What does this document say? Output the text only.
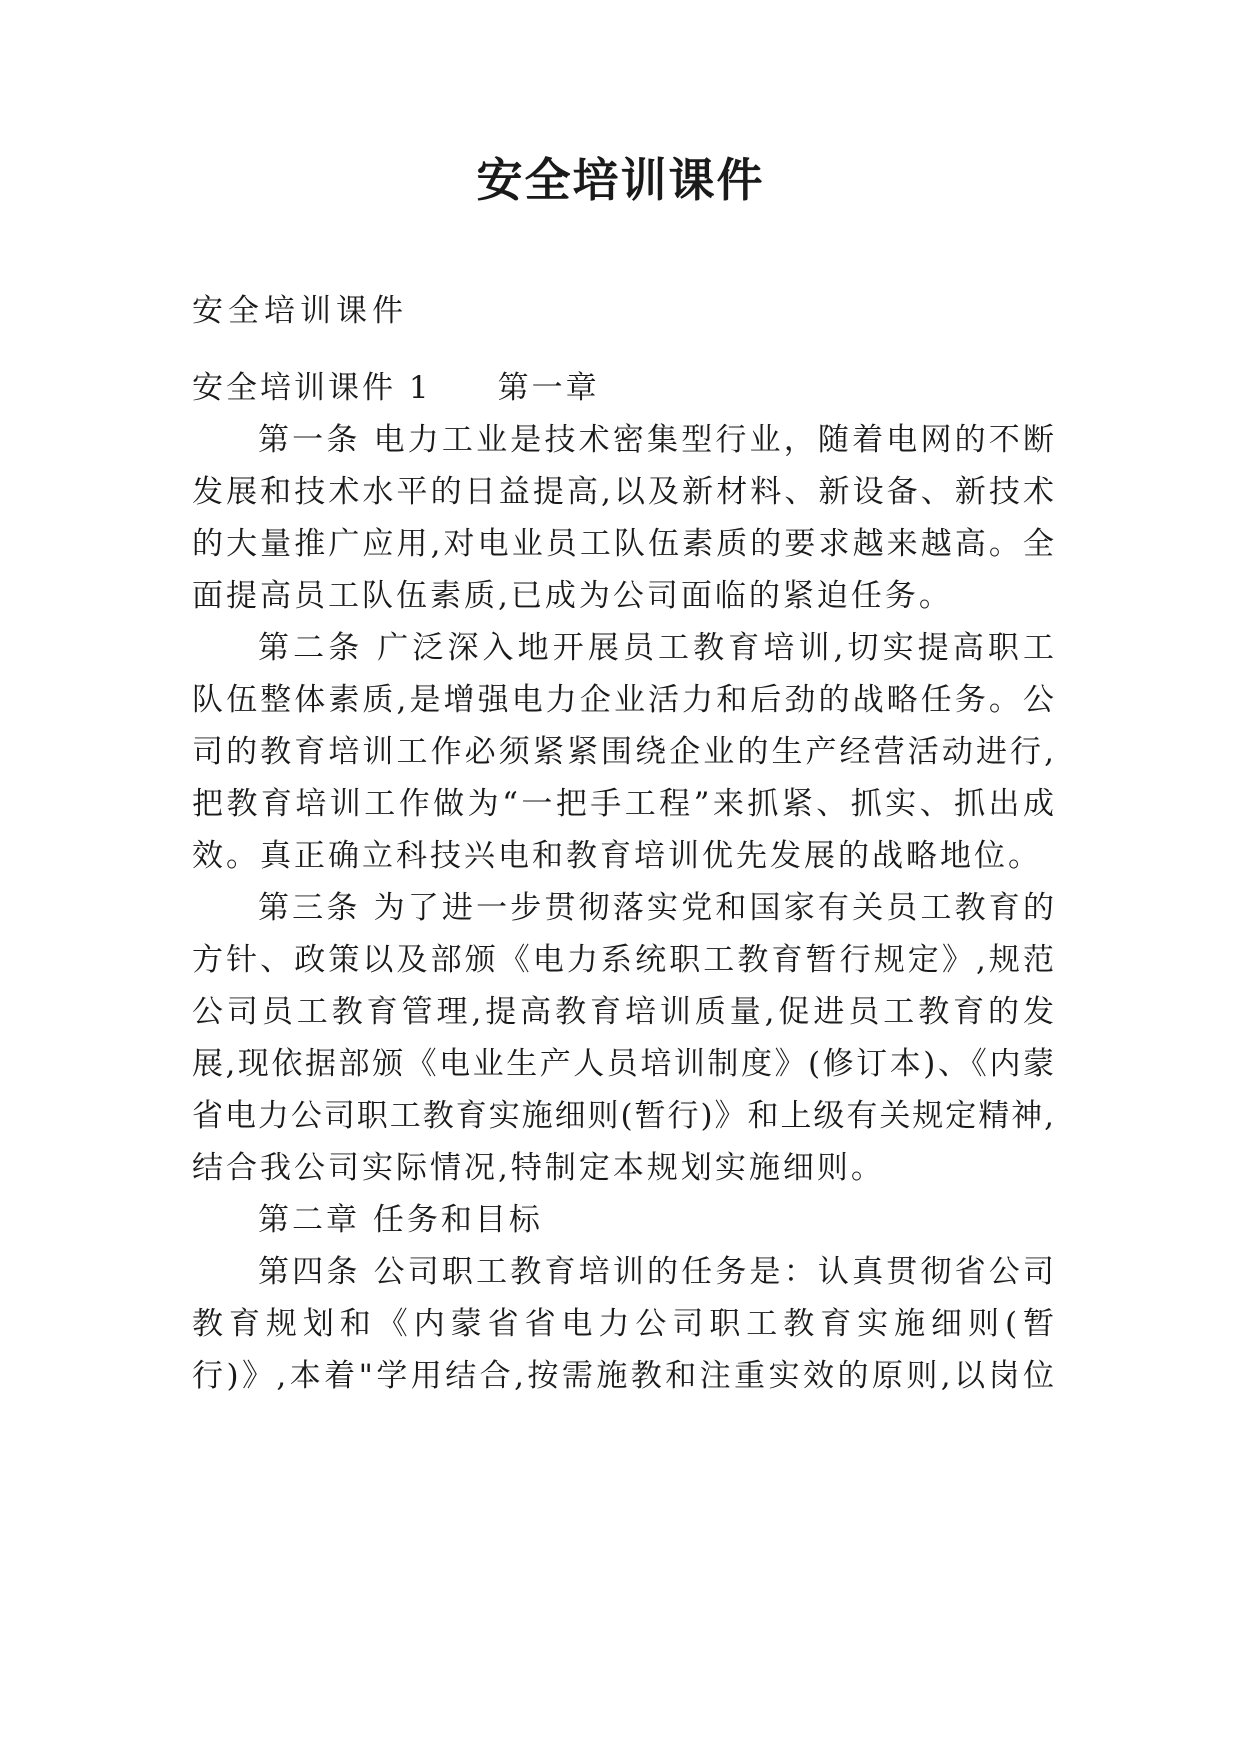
安全培训课件

安全培训课件

安全培训课件 1 第一章

第一条 电力工业是技术密集型行业，随着电网的不断

发展和技术水平的日益提高,以及新材料、新设备、新技术

的大量推广应用,对电业员工队伍素质的要求越来越高。全

面提高员工队伍素质,已成为公司面临的紧迫任务。

第二条 广泛深入地开展员工教育培训,切实提高职工

队伍整体素质,是增强电力企业活力和后劲的战略任务。公

司的教育培训工作必须紧紧围绕企业的生产经营活动进行,

把教育培训工作做为“一把手工程”来抓紧、抓实、抓出成

效。真正确立科技兴电和教育培训优先发展的战略地位。

第三条 为了进一步贯彻落实党和国家有关员工教育的

方针、政策以及部颁《电力系统职工教育暂行规定》,规范

公司员工教育管理,提高教育培训质量,促进员工教育的发

展,现依据部颁《电业生产人员培训制度》(修订本)、《内蒙

省电力公司职工教育实施细则(暂行)》和上级有关规定精神,

结合我公司实际情况,特制定本规划实施细则。

第二章 任务和目标

第四条 公司职工教育培训的任务是：认真贯彻省公司

教育规划和《内蒙省省电力公司职工教育实施细则(暂

行)》,本着"学用结合,按需施教和注重实效的原则,以岗位
